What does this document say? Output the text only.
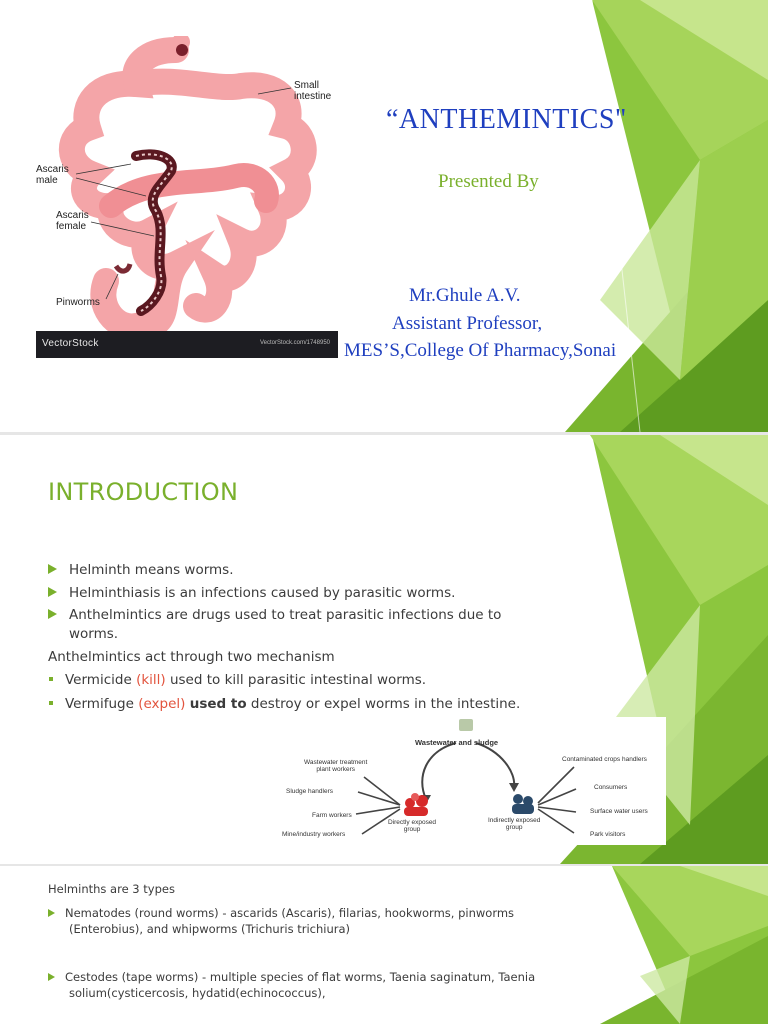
Small
intestine
Ascaris
male
Ascaris
female
Pinworms
VectorStock	VectorStock.com/1748950
“ANTHEMINTICS"
Presented By
Mr.Ghule A.V.
Assistant Professor,
MES’S,College Of Pharmacy,Sonai
INTRODUCTION
Helminth means worms.
Helminthiasis is an infections caused by parasitic worms.
Anthelmintics are drugs used to treat parasitic infections due to
worms.
Anthelmintics act through two mechanism
Vermicide (kill) used to kill parasitic intestinal worms.
Vermifuge (expel) used to destroy or expel worms in the intestine.
Wastewater and sludge
Wastewater treatment
plant workers
Sludge handlers
Farm workers
Mine/industry workers
Directly exposed
group
Indirectly exposed
group
Contaminated crops handlers
Consumers
Surface water users
Park visitors
Helminths are 3 types
Nematodes (round worms) - ascarids (Ascaris), filarias, hookworms, pinworms
(Enterobius), and whipworms (Trichuris trichiura)
Cestodes (tape worms) - multiple species of flat worms, Taenia saginatum, Taenia
solium(cysticercosis, hydatid(echinococcus),
